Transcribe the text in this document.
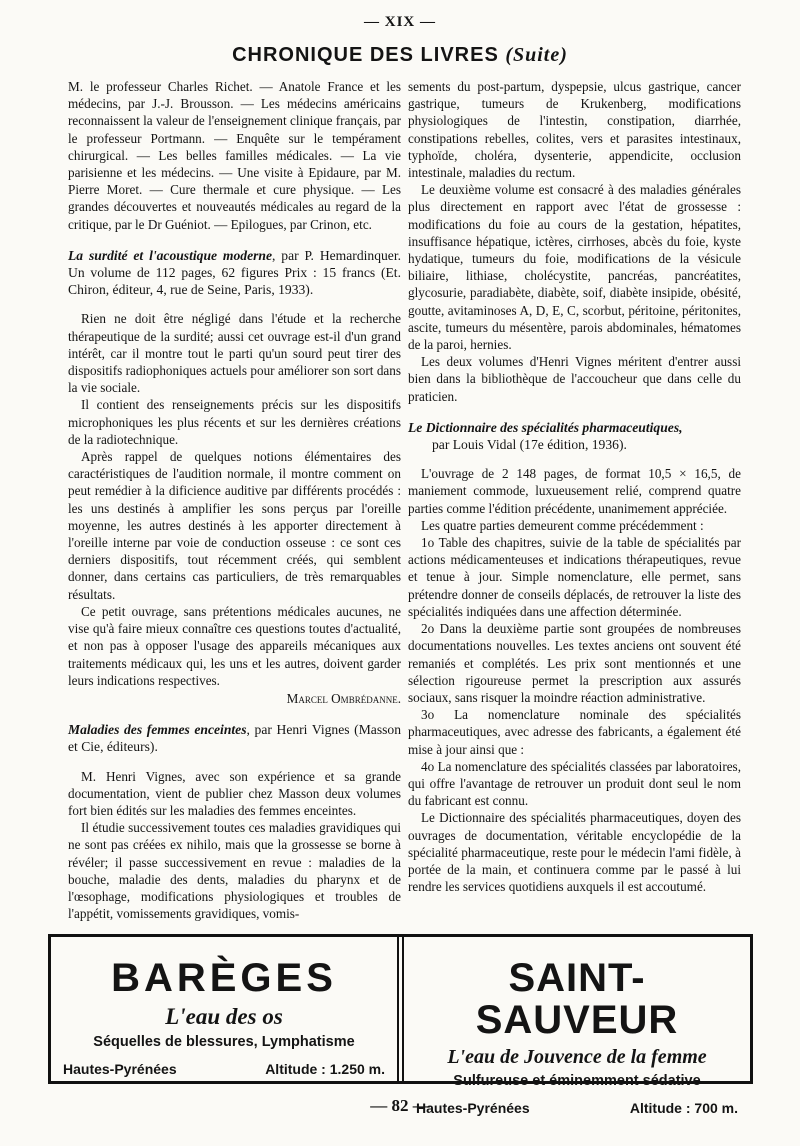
— XIX —
CHRONIQUE DES LIVRES (Suite)

M. le professeur Charles Richet. — Anatole France et les médecins, par J.-J. Brousson. — Les médecins américains reconnaissent la valeur de l'enseignement clinique français, par le professeur Portmann. — Enquête sur le tempérament chirurgical. — Les belles familles médicales. — La vie parisienne et les médecins. — Une visite à Epidaure, par M. Pierre Moret. — Cure thermale et cure physique. — Les grandes découvertes et nouveautés médicales au regard de la critique, par le Dr Guéniot. — Epilogues, par Crinon, etc.

La surdité et l'acoustique moderne, par P. Hemardinquer. Un volume de 112 pages, 62 figures Prix : 15 francs (Et. Chiron, éditeur, 4, rue de Seine, Paris, 1933).

Rien ne doit être négligé dans l'étude et la recherche thérapeutique de la surdité; aussi cet ouvrage est-il d'un grand intérêt, car il montre tout le parti qu'un sourd peut tirer des dispositifs radiophoniques actuels pour améliorer son sort dans la vie sociale.

Il contient des renseignements précis sur les dispositifs microphoniques les plus récents et sur les dernières créations de la radiotechnique.

Après rappel de quelques notions élémentaires des caractéristiques de l'audition normale, il montre comment on peut remédier à la dificience auditive par différents procédés : les uns destinés à amplifier les sons perçus par l'oreille moyenne, les autres destinés à les apporter directement à l'oreille interne par voie de conduction osseuse : ce sont ces derniers dispositifs, tout récemment créés, qui semblent donner, dans certains cas particuliers, de très remarquables résultats.

Ce petit ouvrage, sans prétentions médicales aucunes, ne vise qu'à faire mieux connaître ces questions toutes d'actualité, et non pas à opposer l'usage des appareils mécaniques aux traitements médicaux qui, les uns et les autres, doivent garder leurs indications respectives.

Marcel Ombrédanne.

Maladies des femmes enceintes, par Henri Vignes (Masson et Cie, éditeurs).

M. Henri Vignes, avec son expérience et sa grande documentation, vient de publier chez Masson deux volumes fort bien édités sur les maladies des femmes enceintes.

Il étudie successivement toutes ces maladies gravidiques qui ne sont pas créées ex nihilo, mais que la grossesse se borne à révéler; il passe successivement en revue : maladies de la bouche, maladie des dents, maladies du pharynx et de l'œsophage, modifications physiologiques et troubles de l'appétit, vomissements gravidiques, vomis-

sements du post-partum, dyspepsie, ulcus gastrique, cancer gastrique, tumeurs de Krukenberg, modifications physiologiques de l'intestin, constipation, diarrhée, constipations rebelles, colites, vers et parasites intestinaux, typhoïde, choléra, dysenterie, appendicite, occlusion intestinale, maladies du rectum.

Le deuxième volume est consacré à des maladies générales plus directement en rapport avec l'état de grossesse : modifications du foie au cours de la gestation, hépatites, insuffisance hépatique, ictères, cirrhoses, abcès du foie, kyste hydatique, tumeurs du foie, modifications de la vésicule biliaire, lithiase, cholécystite, pancréas, pancréatites, glycosurie, paradiabète, diabète, soif, diabète insipide, obésité, goutte, avitaminoses A, D, E, C, scorbut, péritoine, péritonites, ascite, tumeurs du mésentère, parois abdominales, hématomes de la paroi, hernies.

Les deux volumes d'Henri Vignes méritent d'entrer aussi bien dans la bibliothèque de l'accoucheur que dans celle du praticien.

Le Dictionnaire des spécialités pharmaceutiques,
par Louis Vidal (17e édition, 1936).

L'ouvrage de 2 148 pages, de format 10,5 × 16,5, de maniement commode, luxueusement relié, comprend quatre parties comme l'édition précédente, unanimement appréciée.

Les quatre parties demeurent comme précédemment :

1o Table des chapitres, suivie de la table de spécialités par actions médicamenteuses et indications thérapeutiques, revue et tenue à jour. Simple nomenclature, elle permet, sans prétendre donner de conseils déplacés, de retrouver la liste des spécialités indiquées dans une affection déterminée.

2o Dans la deuxième partie sont groupées de nombreuses documentations nouvelles. Les textes anciens ont souvent été remaniés et complétés. Les prix sont mentionnés et une sélection rigoureuse permet la prescription aux assurés sociaux, sans risquer la moindre réaction administrative.

3o La nomenclature nominale des spécialités pharmaceutiques, avec adresse des fabricants, a également été mise à jour ainsi que :

4o La nomenclature des spécialités classées par laboratoires, qui offre l'avantage de retrouver un produit dont seul le nom du fabricant est connu.

Le Dictionnaire des spécialités pharmaceutiques, doyen des ouvrages de documentation, véritable encyclopédie de la spécialité pharmaceutique, reste pour le médecin l'ami fidèle, à portée de la main, et continuera comme par le passé à lui rendre les services quotidiens auxquels il est accoutumé.

BARÈGES
L'eau des os
Séquelles de blessures, Lymphatisme
Hautes-Pyrénées	Altitude : 1.250 m.
SAINT-SAUVEUR
L'eau de Jouvence de la femme
Sulfureuse et éminemment sédative
Hautes-Pyrénées	Altitude : 700 m.
— 82 —
